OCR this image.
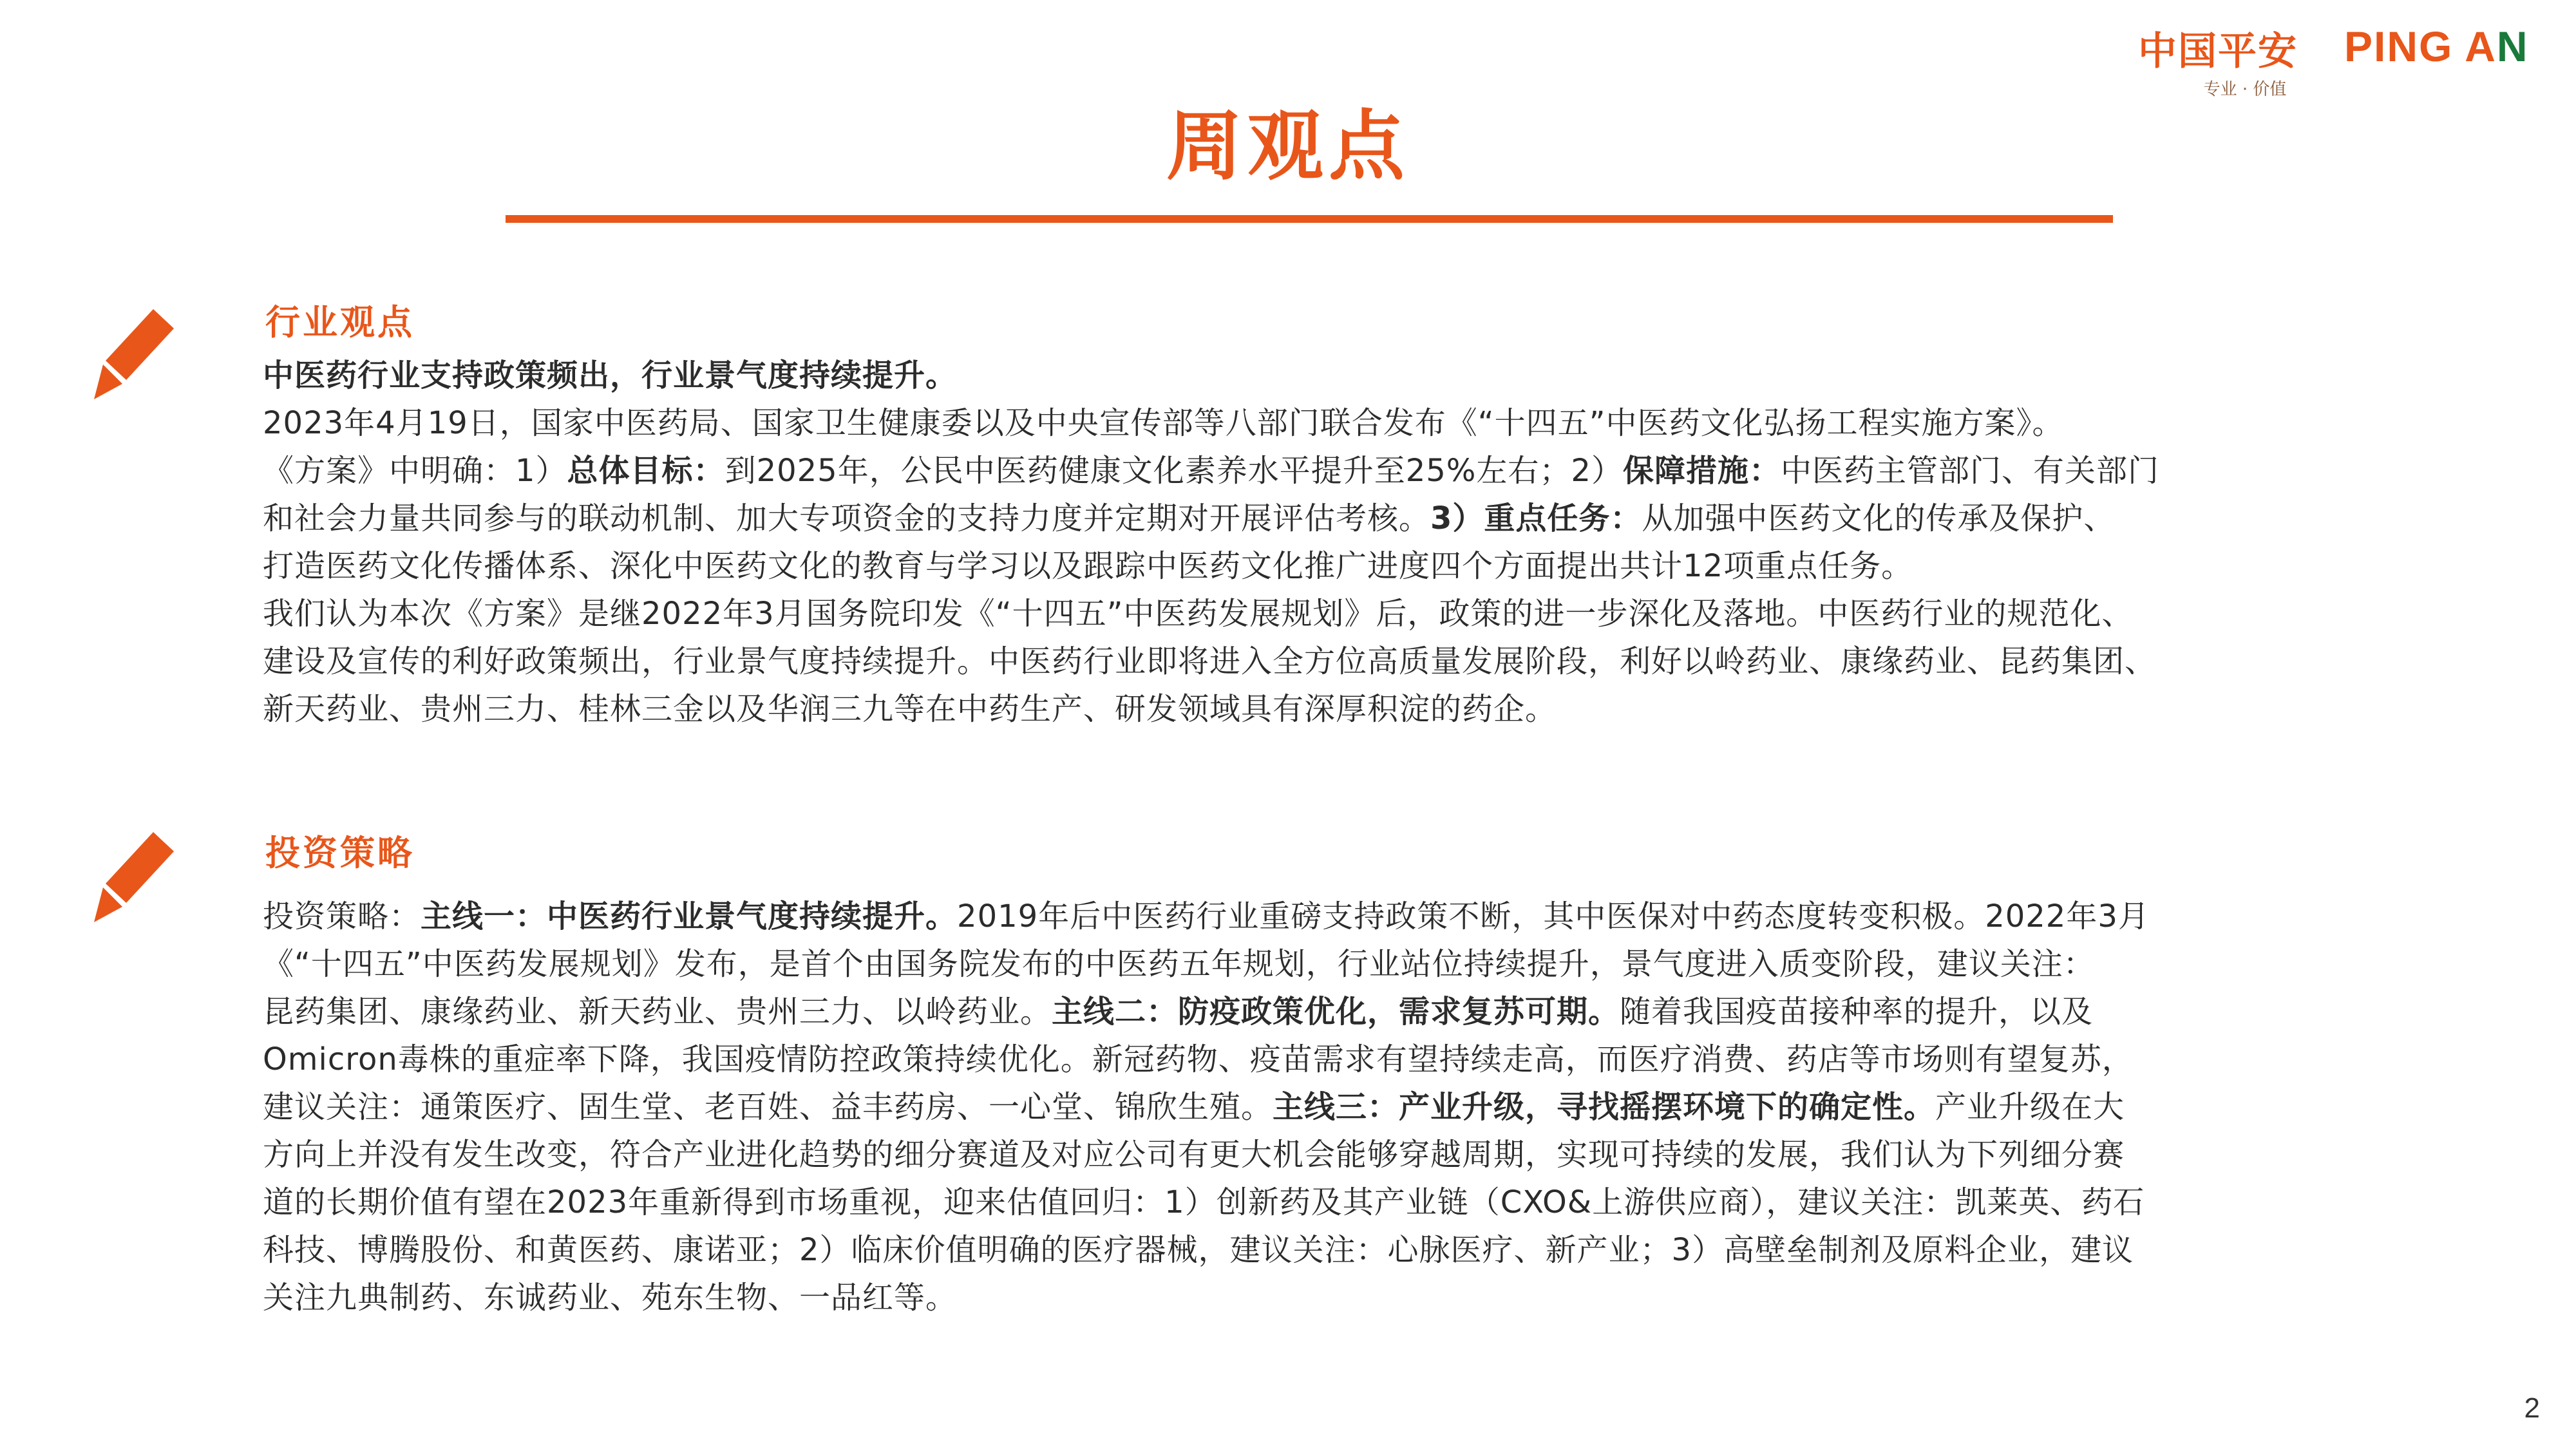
中国平安 PING AN
专业 · 价值
周观点
行业观点

中医药行业支持政策频出，行业景气度持续提升。

2023年4月19日，国家中医药局、国家卫生健康委以及中央宣传部等八部门联合发布《“十四五”中医药文化弘扬工程实施方案》。

《方案》中明确：1）总体目标：到2025年，公民中医药健康文化素养水平提升至25%左右；2）保障措施：中医药主管部门、有关部门

和社会力量共同参与的联动机制、加大专项资金的支持力度并定期对开展评估考核。3）重点任务：从加强中医药文化的传承及保护、

打造医药文化传播体系、深化中医药文化的教育与学习以及跟踪中医药文化推广进度四个方面提出共计12项重点任务。

我们认为本次《方案》是继2022年3月国务院印发《“十四五”中医药发展规划》后，政策的进一步深化及落地。中医药行业的规范化、

建设及宣传的利好政策频出，行业景气度持续提升。中医药行业即将进入全方位高质量发展阶段，利好以岭药业、康缘药业、昆药集团、

新天药业、贵州三力、桂林三金以及华润三九等在中药生产、研发领域具有深厚积淀的药企。

投资策略

投资策略：主线一：中医药行业景气度持续提升。2019年后中医药行业重磅支持政策不断，其中医保对中药态度转变积极。2022年3月

《“十四五”中医药发展规划》发布，是首个由国务院发布的中医药五年规划，行业站位持续提升，景气度进入质变阶段，建议关注：

昆药集团、康缘药业、新天药业、贵州三力、以岭药业。主线二：防疫政策优化，需求复苏可期。随着我国疫苗接种率的提升，以及

Omicron毒株的重症率下降，我国疫情防控政策持续优化。新冠药物、疫苗需求有望持续走高，而医疗消费、药店等市场则有望复苏，

建议关注：通策医疗、固生堂、老百姓、益丰药房、一心堂、锦欣生殖。主线三：产业升级，寻找摇摆环境下的确定性。产业升级在大

方向上并没有发生改变，符合产业进化趋势的细分赛道及对应公司有更大机会能够穿越周期，实现可持续的发展，我们认为下列细分赛

道的长期价值有望在2023年重新得到市场重视，迎来估值回归：1）创新药及其产业链（CXO&上游供应商），建议关注：凯莱英、药石

科技、博腾股份、和黄医药、康诺亚；2）临床价值明确的医疗器械，建议关注：心脉医疗、新产业；3）高壁垒制剂及原料企业，建议

关注九典制药、东诚药业、苑东生物、一品红等。

2
